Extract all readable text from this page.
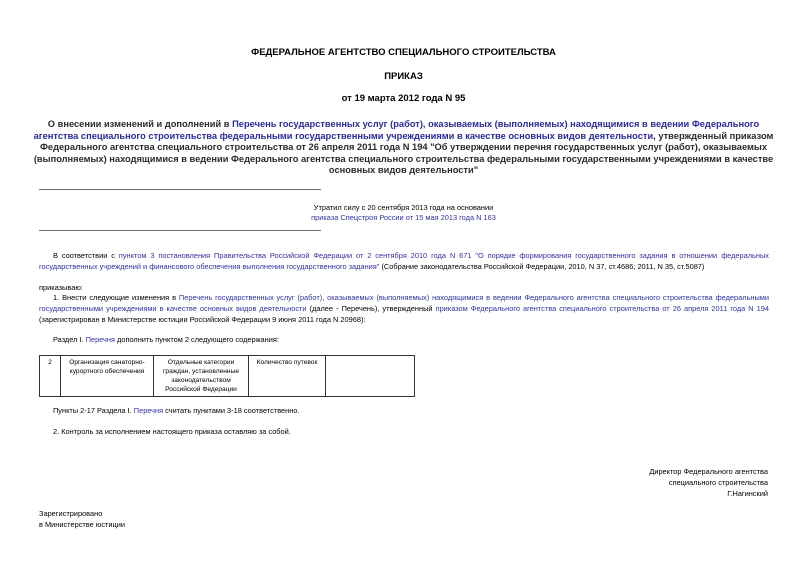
ФЕДЕРАЛЬНОЕ АГЕНТСТВО СПЕЦИАЛЬНОГО СТРОИТЕЛЬСТВА
ПРИКАЗ
от 19 марта 2012 года N 95
О внесении изменений и дополнений в Перечень государственных услуг (работ), оказываемых (выполняемых) находящимися в ведении Федерального агентства специального строительства федеральными государственными учреждениями в качестве основных видов деятельности, утвержденный приказом Федерального агентства специального строительства от 26 апреля 2011 года N 194 "Об утверждении перечня государственных услуг (работ), оказываемых (выполняемых) находящимися в ведении Федерального агентства специального строительства федеральными государственными учреждениями в качестве основных видов деятельности"
Утратил силу с 20 сентября 2013 года на основании
приказа Спецстроя России от 15 мая 2013 года N 163
В соответствии с пунктом 3 постановления Правительства Российской Федерации от 2 сентября 2010 года N 671 "О порядке формирования государственного задания в отношении федеральных государственных учреждений и финансового обеспечения выполнения государственного задания" (Собрание законодательства Российской Федерации, 2010, N 37, ст.4686; 2011, N 35, ст.5087)
приказываю:
1. Внести следующие изменения в Перечень государственных услуг (работ), оказываемых (выполняемых) находящимися в ведении Федерального агентства специального строительства федеральными государственными учреждениями в качестве основных видов деятельности (далее - Перечень), утвержденный приказом Федерального агентства специального строительства от 26 апреля 2011 года N 194 (зарегистрирован в Министерстве юстиции Российской Федерации 9 июня 2011 года N 20968):
Раздел I. Перечня дополнить пунктом 2 следующего содержания:
2	Организация санаторно-курортного обеспечения	Отдельные категории граждан, установленные законодательством Российской Федерации	Количество путевок	
Пункты 2-17 Раздела I. Перечня считать пунктами 3-18 соответственно.
2. Контроль за исполнением настоящего приказа оставляю за собой.
Директор Федерального агентства
специального строительства
Г.Нагинский
Зарегистрировано
в Министерстве юстиции
